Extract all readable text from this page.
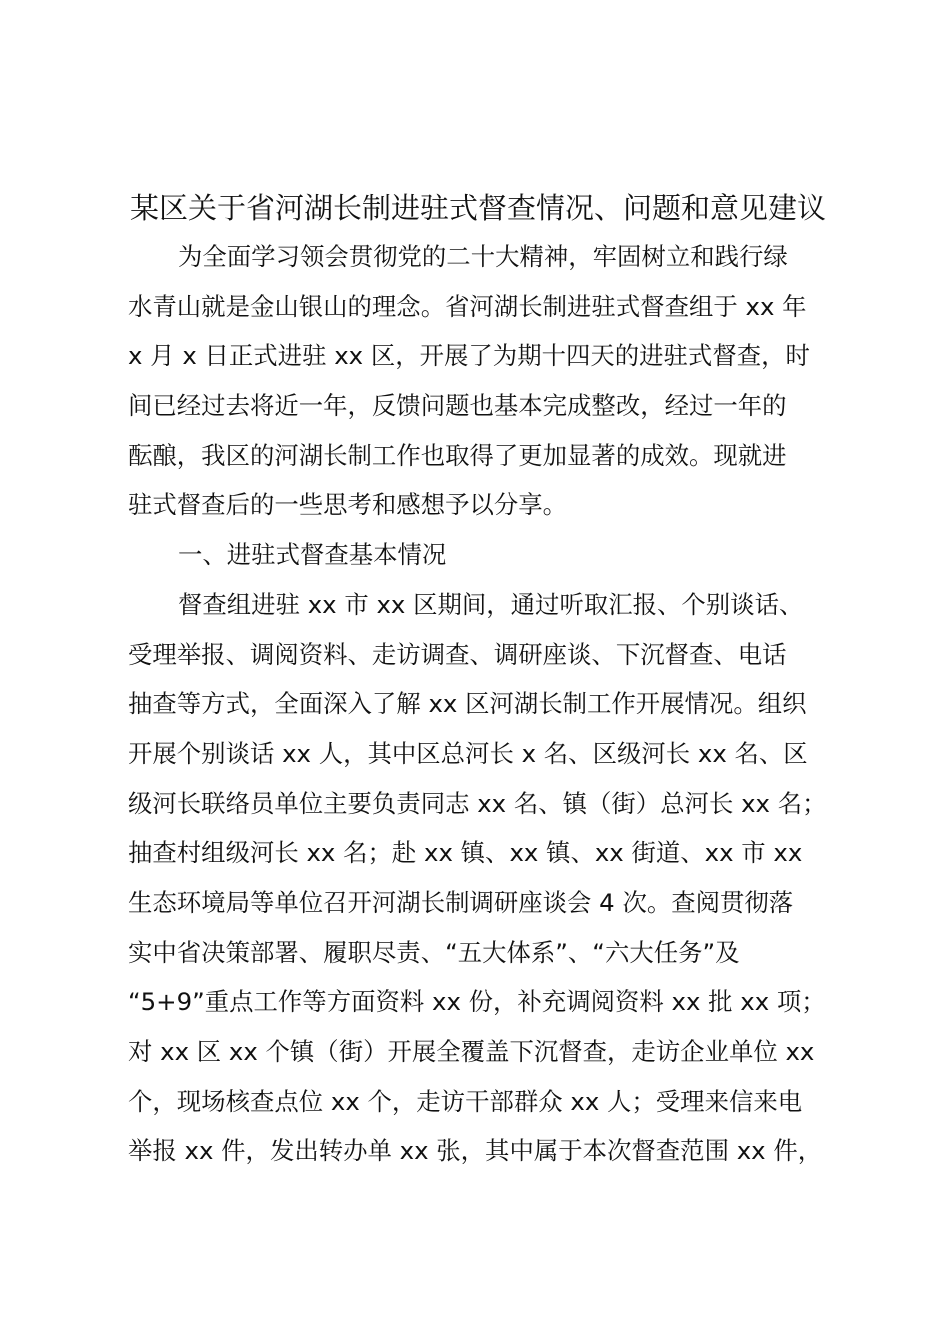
某区关于省河湖长制进驻式督查情况、问题和意见建议
为全面学习领会贯彻党的二十大精神，牢固树立和践行绿
水青山就是金山银山的理念。省河湖长制进驻式督查组于 xx 年
x 月 x 日正式进驻 xx 区，开展了为期十四天的进驻式督查，时
间已经过去将近一年，反馈问题也基本完成整改，经过一年的
酝酿，我区的河湖长制工作也取得了更加显著的成效。现就进
驻式督查后的一些思考和感想予以分享。
一、进驻式督查基本情况
督查组进驻 xx 市 xx 区期间，通过听取汇报、个别谈话、
受理举报、调阅资料、走访调查、调研座谈、下沉督查、电话
抽查等方式，全面深入了解 xx 区河湖长制工作开展情况。组织
开展个别谈话 xx 人，其中区总河长 x 名、区级河长 xx 名、区
级河长联络员单位主要负责同志 xx 名、镇（街）总河长 xx 名；
抽查村组级河长 xx 名；赴 xx 镇、xx 镇、xx 街道、xx 市 xx
生态环境局等单位召开河湖长制调研座谈会 4 次。查阅贯彻落
实中省决策部署、履职尽责、“五大体系”、“六大任务”及
“5+9”重点工作等方面资料 xx 份，补充调阅资料 xx 批 xx 项；
对 xx 区 xx 个镇（街）开展全覆盖下沉督查，走访企业单位 xx
个，现场核查点位 xx 个，走访干部群众 xx 人；受理来信来电
举报 xx 件，发出转办单 xx 张，其中属于本次督查范围 xx 件，
